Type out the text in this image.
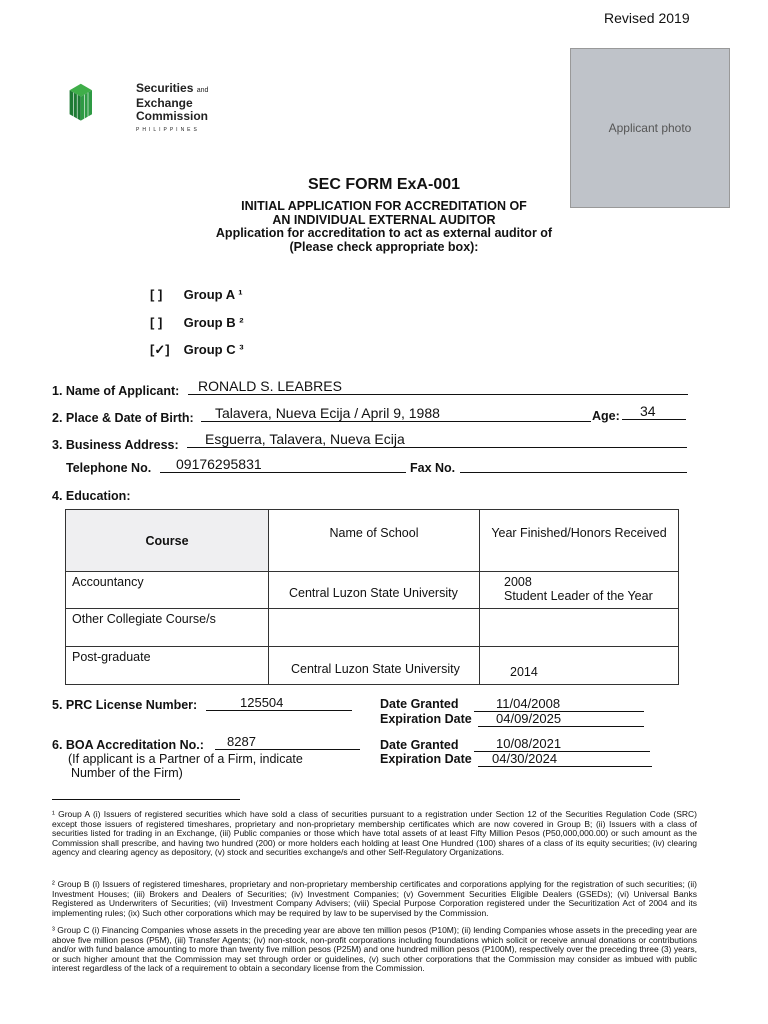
Revised 2019
Securities and
Exchange
Commission
PHILIPPINES	Applicant photo
SEC FORM ExA-001
INITIAL APPLICATION FOR ACCREDITATION OF
AN INDIVIDUAL EXTERNAL AUDITOR
Application for accreditation to act as external auditor of
(Please check appropriate box):
[ ] Group A ¹
[ ] Group B ²
[✓] Group C ³
1. Name of Applicant:	RONALD S. LEABRES
2. Place & Date of Birth:	Talavera, Nueva Ecija / April 9, 1988	Age:	34
3. Business Address:	Esguerra, Talavera, Nueva Ecija
Telephone No.	09176295831	Fax No.
4. Education:
Course	Name of School	Year Finished/Honors Received
Accountancy	Central Luzon State University	2008
Student Leader of the Year

Other Collegiate Course/s		
Post-graduate	Central Luzon State University	2014
5. PRC License Number:	125504	Date Granted	11/04/2008
Expiration Date	04/09/2025
6. BOA Accreditation No.:	8287
(If applicant is a Partner of a Firm, indicate
Number of the Firm)
Date Granted	10/08/2021
Expiration Date	04/30/2024
¹ Group A (i) Issuers of registered securities which have sold a class of securities pursuant to a registration under Section 12 of the Securities Regulation Code (SRC) except those issuers of registered timeshares, proprietary and non-proprietary membership certificates which are now covered in Group B; (ii) Issuers with a class of securities listed for trading in an Exchange, (iii) Public companies or those which have total assets of at least Fifty Million Pesos (P50,000,000.00) or such amount as the Commission shall prescribe, and having two hundred (200) or more holders each holding at least One Hundred (100) shares of a class of its equity securities; (iv) clearing agency and clearing agency as depository, (v) stock and securities exchange/s and other Self-Regulatory Organizations.
² Group B (i) Issuers of registered timeshares, proprietary and non-proprietary membership certificates and corporations applying for the registration of such securities; (ii) Investment Houses; (iii) Brokers and Dealers of Securities; (iv) Investment Companies; (v) Government Securities Eligible Dealers (GSEDs); (vi) Universal Banks Registered as Underwriters of Securities; (vii) Investment Company Advisers; (viii) Special Purpose Corporation registered under the Securitization Act of 2004 and its implementing rules; (ix) Such other corporations which may be required by law to be supervised by the Commission.
³ Group C (i) Financing Companies whose assets in the preceding year are above ten million pesos (P10M); (ii) lending Companies whose assets in the preceding year are above five million pesos (P5M), (iii) Transfer Agents; (iv) non-stock, non-profit corporations including foundations which solicit or receive annual donations or contributions and/or with fund balance amounting to more than twenty five million pesos (P25M) and one hundred million pesos (P100M), respectively over the preceding three (3) years, or such higher amount that the Commission may set through order or guidelines, (v) such other corporations that the Commission may consider as imbued with public interest regardless of the lack of a requirement to obtain a secondary license from the Commission.
